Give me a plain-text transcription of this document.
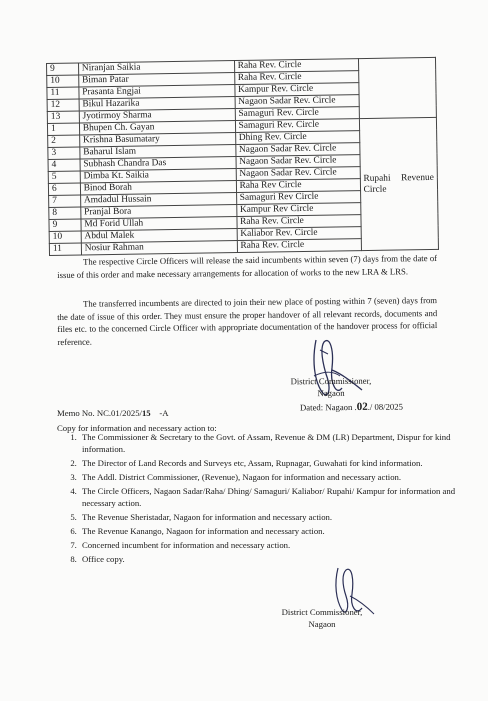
9	Niranjan Saikia	Raha Rev. Circle	
10	Biman Patar	Raha Rev. Circle	
11	Prasanta Engjai	Kampur Rev. Circle	
12	Bikul Hazarika	Nagaon Sadar Rev. Circle	
13	Jyotirmoy Sharma	Samaguri Rev. Circle	
1	Bhupen Ch. Gayan	Samaguri Rev. Circle	Rupahi Revenue
Circle

2	Krishna Basumatary	Dhing Rev. Circle	
3	Baharul Islam	Nagaon Sadar Rev. Circle	
4	Subhash Chandra Das	Nagaon Sadar Rev. Circle	
5	Dimba Kt. Saikia	Nagaon Sadar Rev. Circle	
6	Binod Borah	Raha Rev Circle	
7	Amdadul Hussain	Samaguri Rev Circle	
8	Pranjal Bora	Kampur Rev Circle	
9	Md Forid Ullah	Raha Rev. Circle	
10	Abdul Malek	Kaliabor Rev. Circle	
11	Nosiur Rahman	Raha Rev. Circle	
The respective Circle Officers will release the said incumbents within seven (7) days from the date of issue of this order and make necessary arrangements for allocation of works to the new LRA & LRS.
The transferred incumbents are directed to join their new place of posting within 7 (seven) days from the date of issue of this order. They must ensure the proper handover of all relevant records, documents and files etc. to the concerned Circle Officer with appropriate documentation of the handover process for official reference.
District Commissioner,
Nagaon
Memo No. NC.01/2025/15 -A
Dated: Nagaon .02./ 08/2025
Copy for information and necessary action to:
1. The Commissioner & Secretary to the Govt. of Assam, Revenue & DM (LR) Department, Dispur for kind information.
2. The Director of Land Records and Surveys etc, Assam, Rupnagar, Guwahati for kind information.
3. The Addl. District Commissioner, (Revenue), Nagaon for information and necessary action.
4. The Circle Officers, Nagaon Sadar/Raha/ Dhing/ Samaguri/ Kaliabor/ Rupahi/ Kampur for information and necessary action.
5. The Revenue Sheristadar, Nagaon for information and necessary action.
6. The Revenue Kanango, Nagaon for information and necessary action.
7. Concerned incumbent for information and necessary action.
8. Office copy.
District Commissioner,
Nagaon
